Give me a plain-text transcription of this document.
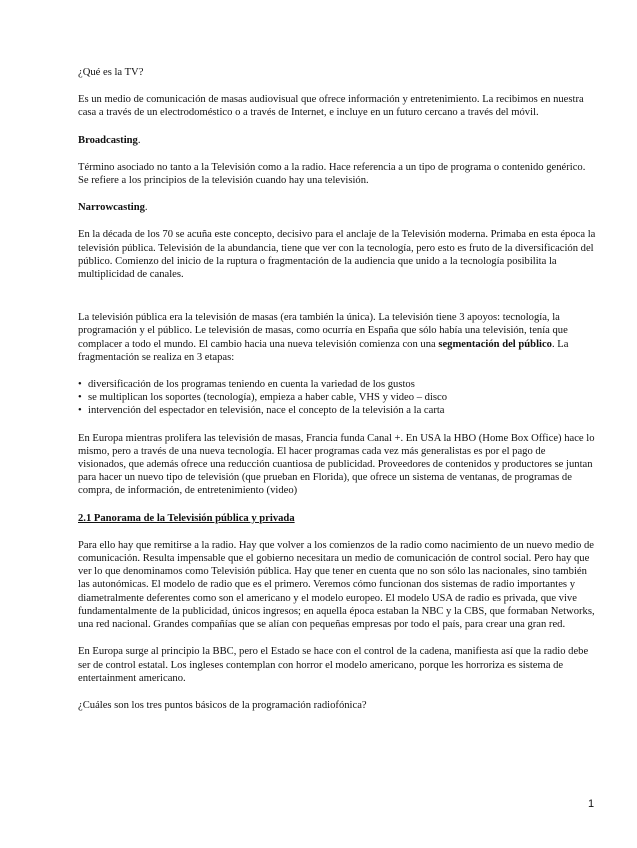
¿Qué es la TV?

Es un medio de comunicación de masas audiovisual que ofrece información y entretenimiento. La recibimos en nuestra casa a través de un electrodoméstico o a través de Internet, e incluye en un futuro cercano a través del móvil.

Broadcasting.

Término asociado no tanto a la Televisión como a la radio. Hace referencia a un tipo de programa o contenido genérico. Se refiere a los principios de la televisión cuando hay una televisión.

Narrowcasting.

En la década de los 70 se acuña este concepto, decisivo para el anclaje de la Televisión moderna. Primaba en esta época la televisión pública. Televisión de la abundancia, tiene que ver con la tecnología, pero esto es fruto de la diversificación del público. Comienzo del inicio de la ruptura o fragmentación de la audiencia que unido a la tecnología posibilita la multiplicidad de canales.

La televisión pública era la televisión de masas (era también la única). La televisión tiene 3 apoyos: tecnología, la programación y el público. Le televisión de masas, como ocurría en España que sólo había una televisión, tenía que complacer a todo el mundo. El cambio hacia una nueva televisión comienza con una segmentación del público. La fragmentación se realiza en 3 etapas:

• diversificación de los programas teniendo en cuenta la variedad de los gustos
• se multiplican los soportes (tecnología), empieza a haber cable, VHS y video – disco
• intervención del espectador en televisión, nace el concepto de la televisión a la carta

En Europa mientras prolifera las televisión de masas, Francia funda Canal +. En USA la HBO (Home Box Office) hace lo mismo, pero a través de una nueva tecnología. El hacer programas cada vez más generalistas es por el pago de visionados, que además ofrece una reducción cuantiosa de publicidad. Proveedores de contenidos y productores se juntan para hacer un nuevo tipo de televisión (que prueban en Florida), que ofrece un sistema de ventanas, de programas de compra, de información, de entretenimiento (video)

2.1 Panorama de la Televisión pública y privada

Para ello hay que remitirse a la radio. Hay que volver a los comienzos de la radio como nacimiento de un nuevo medio de comunicación. Resulta impensable que el gobierno necesitara un medio de comunicación de control social. Pero hay que ver lo que denominamos como Televisión pública. Hay que tener en cuenta que no son sólo las nacionales, sino también las autonómicas. El modelo de radio que es el primero. Veremos cómo funcionan dos sistemas de radio importantes y diametralmente deferentes como son el americano y el modelo europeo. El modelo USA de radio es privada, que vive fundamentalmente de la publicidad, únicos ingresos; en aquella época estaban la NBC y la CBS, que formaban Networks, una red nacional. Grandes compañías que se alían con pequeñas empresas por todo el país, para crear una gran red.

En Europa surge al principio la BBC, pero el Estado se hace con el control de la cadena, manifiesta así que la radio debe ser de control estatal. Los ingleses contemplan con horror el modelo americano, porque les horroriza es sistema de entertainment americano.

¿Cuáles son los tres puntos básicos de la programación radiofónica?

1
